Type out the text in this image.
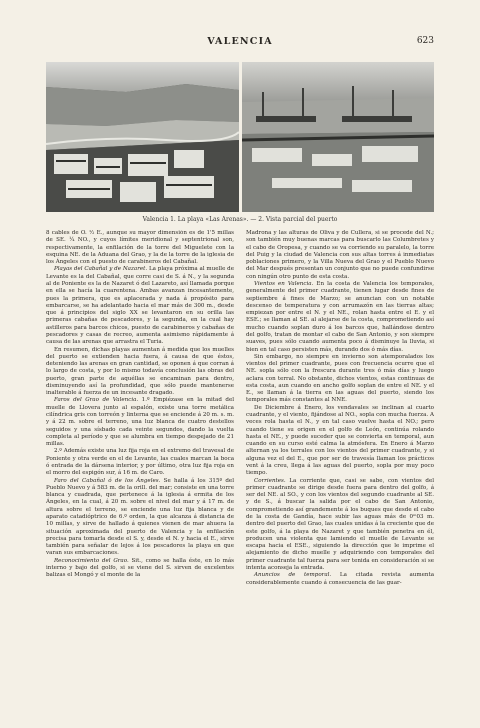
VALENCIA	623
Valencia 1. La playa «Las Arenas». — 2. Vista parcial del puerto

8 cables de O. ½ E., aunque su mayor dimensión es de 1'5 millas de SE. ¼ NO., y cuyos límites meridional y septentrional son, respectivamente, la enfilación de la torre del Miguelete con la esquina NE. de la Aduana del Grao, y la de la torre de la iglesia de los Ángeles con el puesto de carabineros del Cabañal.

Playas del Cabañal y de Nazaret. La playa próxima al muelle de Levante es la del Cabañal, que corre casi de S. á N., y la segunda al de Poniente es la de Nazaret ó del Lazareto, así llamada porque en ella se hacía la cuarentena. Ambas avanzan incesantemente, pues la primera, que es aplacerada y nada á propósito para embarcarse, se ha adelantado hacia el mar más de 300 m., desde que á principios del siglo XX se levantaron en su orilla las primeras cabañas de pescadores, y la segunda, en la cual hay astilleros para barcos chicos, puesto de carabineros y cabañas de pescadores y casas de recreo, aumenta asimismo rápidamente á causa de las arenas que arrastra el Turia.

En resumen, dichas playas aumentan á medida que los muelles del puerto se extienden hacia fuera, á causa de que éstos, deteniendo las arenas en gran cantidad, se oponen á que corran á lo largo de costa, y por lo mismo todavía conclusión las obras del puerto, gran parte de aquéllas se encaminan para dentro, disminuyendo así la profundidad, que sólo puede mantenerse inalterable á fuerza de un incesante dragado.

Faros del Grao de Valencia. 1.º Empiézase en la mitad del muelle de Llovera junto al espalón, existe una torre metálica cilíndrica gris con torreón y linterna que se enciende á 20 m. s. m. y á 22 m. sobre el terreno, una luz blanca de cuatro destellos seguidos y una sísbado cada veinte segundos, dando la vuelta completa al período y que se alumbra en tiempo despejado de 21 millas.

2.º Además existe una luz fija roja en el extremo del travesal de Poniente y otra verde en el de Levante, las cuales marcan la boca ó entrada de la dársena interior, y por último, otra luz fija roja en el morro del espigón sur, á 16 m. de Caro.

Faro del Cabañal ó de los Ángeles. Se halla á los 315º del Pueblo Nuevo y á 583 m. de la orill. del mar; consiste en una torre blanca y cuadrada, que pertenece á la iglesia á ermita de los Ángeles, en la cual, á 20 m. sobre el nivel del mar y á 17 m. de altura sobre el terreno, se enciende una luz fija blanca y de aparato catadióptrico de 6.º orden, la que alcanza á distancia de 10 millas, y sirve de hallado á quienes vienen de mar ahuera la situación aproximada del puerto de Valencia y la enfilación precisa para tomarla desde el S. y, desde el N. y hacia el E., sirve también para señalar de lejos á los pescadores la playa en que varan sus embarcaciones.

Reconocimiento del Grao. Sit., como se halla éste, en lo más interno y bajo del golfo, si se viene del S. sirven de excelentes balizas el Mongó y el monte de la

Madrona y las alturas de Oliva y de Cullera, si se procede del N.; son también muy buenas marcas para buscarlo las Columbretes y el cabo de Oropesa, y cuando se va corriendo su paralelo, la torre del Puig y la ciudad de Valencia con sus altas torres á inmediatas poblaciones primero, y la Villa Nueva del Grao y el Pueblo Nuevo del Mar después presentan un conjunto que no puede confundirse con ningún otro punto de esta costa.

Vientos en Valencia. En la costa de Valencia los temporales, generalmente del primer cuadrante, tienen lugar desde fines de septiembre á fines de Marzo; se anuncian con un notable descenso de temperatura y con arrumazón en las tierras altas; empiezan por entre el N. y el NE., rolan hasta entre el E. y el ESE.; se llaman al SE. al alejarse de la costa, comprometiendo así mucho cuando soplan duro á los barcos que, hallándose dentro del golfo, tratan de montar el cabo de San Antonio, y son siempre suaves, pues sólo cuando aumenta poco á disminuye la lluvia, si bien en tal caso persisten más, durando dos ó más días.

Sin embargo, no siempre en invierno son atemporalados los vientos del primer cuadrante, pues con frecuencia ocurre que el NE. sopla sólo con la frescura durante tres ó más días y luego aclara con terral. No obstante, dichos vientos, estas continuas de esta costa, aun cuando en ancho golfo soplan de entre el NE. y el E., se llaman á la tierra en las aguas del puerto, siendo los temporales más constantes al NNE.

De Diciembre á Enero, los vendavales se inclinan al cuarto cuadrante, y el viento, fijándose al NO., sopla con mucha fuerza. A veces rola hasta el N., y en tal caso vuelve hasta el NO.; pero cuando tiene su origen en el golfo de León, continúa rolando hasta el NE., y puede suceder que se convierta en temporal, aun cuando en su curso esté calma la atmósfera. En Enero á Marzo alternan ya los terrales con los vientos del primer cuadrante, y si alguna vez el del E., que por ser de travesía llaman los prácticos vent á la creu, llega á las aguas del puerto, sopla por muy poco tiempo.

Corrientes. La corriente que, casi se sabe, con vientos del primer cuadrante se dirige desde fuera para dentro del golfo, á ser del NE. al SO., y con los vientos del segundo cuadrante al SE. y de S., á buscar la salida por el cabo de San Antonio, comprometiendo así grandemente á los buques que desde el cabo de la costa de Gandía, hace subir las aguas más de 0ᵐ03 m. dentro del puerto del Grao, las cuales unidas á la creciente que de este golfo, á la playa de Nazaret y que también penetra en él, producen una violenta que lamiendo el muelle de Levante se escapa hacia el ESE., siguiendo la dirección que le imprime el alejamiento de dicho muelle y adquiriendo con temporales del primer cuadrante tal fuerza para ser tenida en consideración si se intenta aconseja la entrada.

Anuncios de temporal. La citada revista aumenta considerablemente cuando á consecuencia de las guar-
